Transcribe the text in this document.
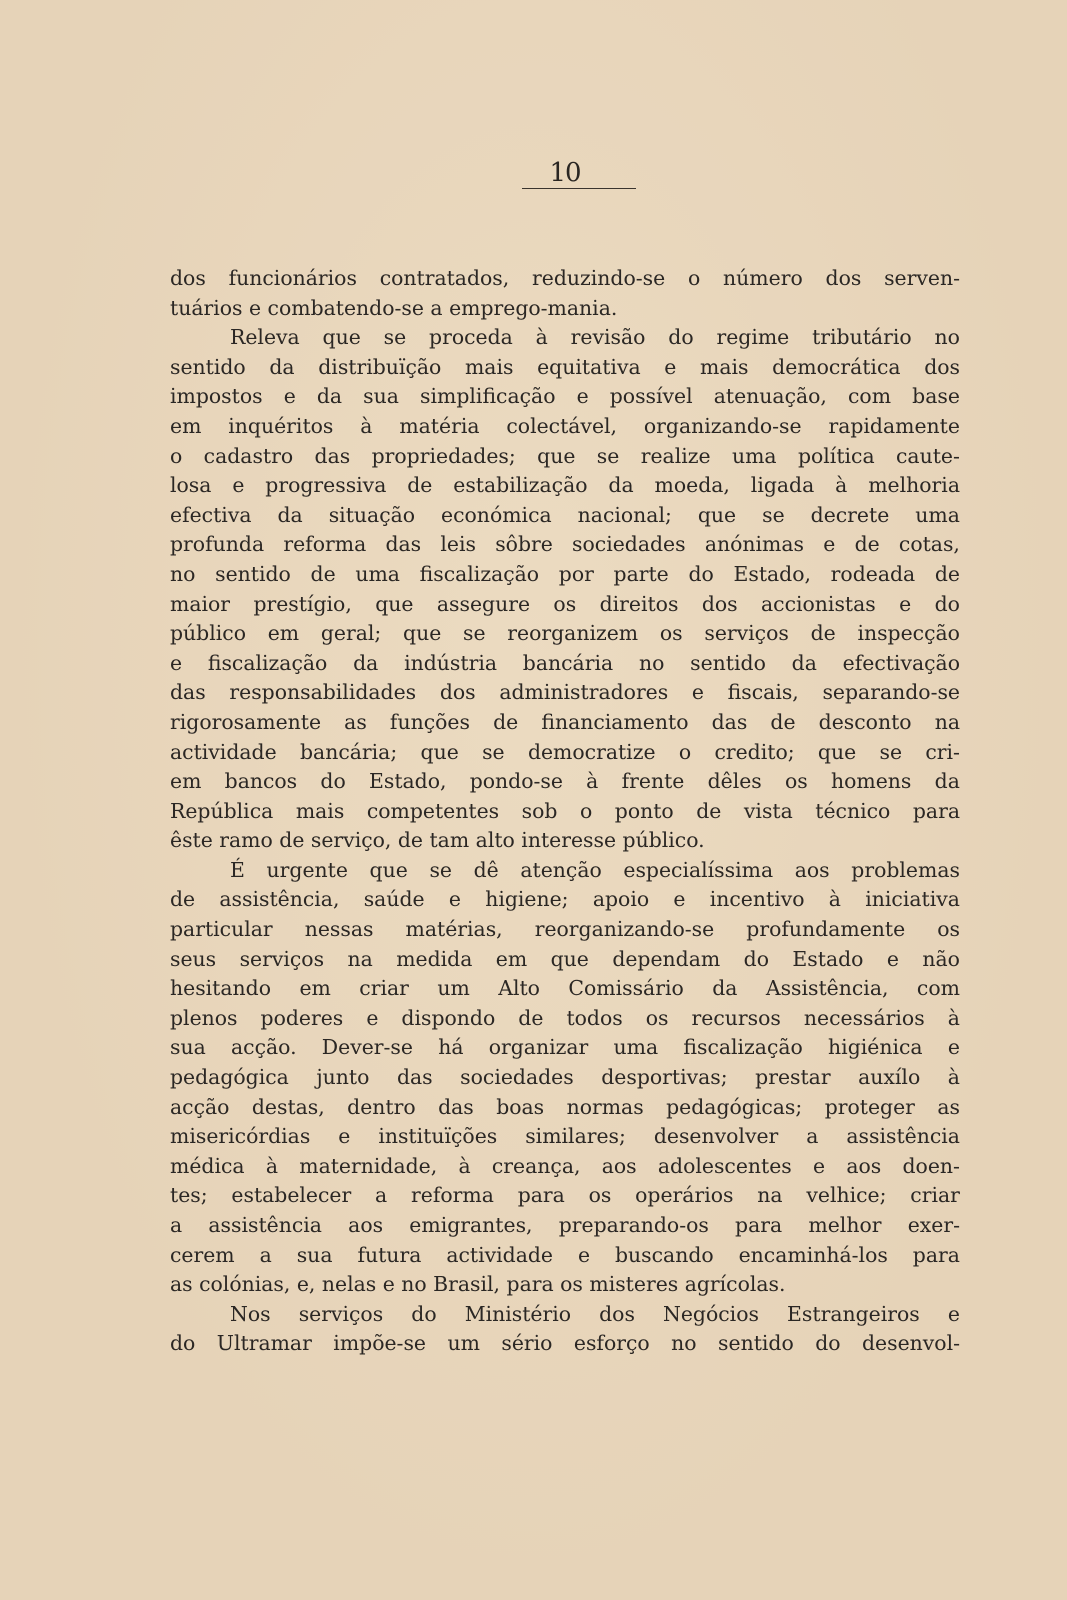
10
dos funcionários contratados, reduzindo-se o número dos serven-
tuários e combatendo-se a emprego-mania.
Releva que se proceda à revisão do regime tributário no
sentido da distribuïção mais equitativa e mais democrática dos
impostos e da sua simplificação e possível atenuação, com base
em inquéritos à matéria colectável, organizando-se rapidamente
o cadastro das propriedades; que se realize uma política caute-
losa e progressiva de estabilização da moeda, ligada à melhoria
efectiva da situação económica nacional; que se decrete uma
profunda reforma das leis sôbre sociedades anónimas e de cotas,
no sentido de uma fiscalização por parte do Estado, rodeada de
maior prestígio, que assegure os direitos dos accionistas e do
público em geral; que se reorganizem os serviços de inspecção
e fiscalização da indústria bancária no sentido da efectivação
das responsabilidades dos administradores e fiscais, separando-se
rigorosamente as funções de financiamento das de desconto na
actividade bancária; que se democratize o credito; que se cri-
em bancos do Estado, pondo-se à frente dêles os homens da
República mais competentes sob o ponto de vista técnico para
êste ramo de serviço, de tam alto interesse público.
É urgente que se dê atenção especialíssima aos problemas
de assistência, saúde e higiene; apoio e incentivo à iniciativa
particular nessas matérias, reorganizando-se profundamente os
seus serviços na medida em que dependam do Estado e não
hesitando em criar um Alto Comissário da Assistência, com
plenos poderes e dispondo de todos os recursos necessários à
sua acção. Dever-se há organizar uma fiscalização higiénica e
pedagógica junto das sociedades desportivas; prestar auxílo à
acção destas, dentro das boas normas pedagógicas; proteger as
misericórdias e instituïções similares; desenvolver a assistência
médica à maternidade, à creança, aos adolescentes e aos doen-
tes; estabelecer a reforma para os operários na velhice; criar
a assistência aos emigrantes, preparando-os para melhor exer-
cerem a sua futura actividade e buscando encaminhá-los para
as colónias, e, nelas e no Brasil, para os misteres agrícolas.
Nos serviços do Ministério dos Negócios Estrangeiros e
do Ultramar impõe-se um sério esforço no sentido do desenvol-
